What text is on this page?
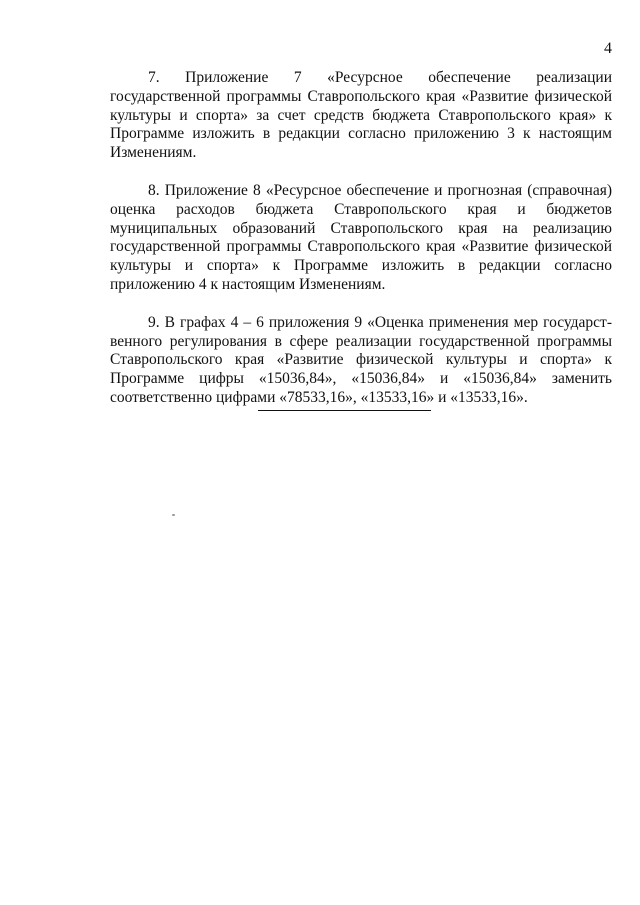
4

7. Приложение 7 «Ресурсное обеспечение реализации государственной программы Ставропольского края «Развитие физической культуры и спорта» за счет средств бюджета Ставропольского края» к Программе изложить в редакции согласно приложению 3 к настоящим Изменениям.

8. Приложение 8 «Ресурсное обеспечение и прогнозная (справочная) оценка расходов бюджета Ставропольского края и бюджетов муниципальных образований Ставропольского края на реализацию государственной программы Ставропольского края «Развитие физической культуры и спорта» к Программе изложить в редакции согласно приложению 4 к настоящим Изменениям.

9. В графах 4 – 6 приложения 9 «Оценка применения мер государственного регулирования в сфере реализации государственной программы Ставропольского края «Развитие физической культуры и спорта» к Программе цифры «15036,84», «15036,84» и «15036,84» заменить соответственно цифрами «78533,16», «13533,16» и «13533,16».
